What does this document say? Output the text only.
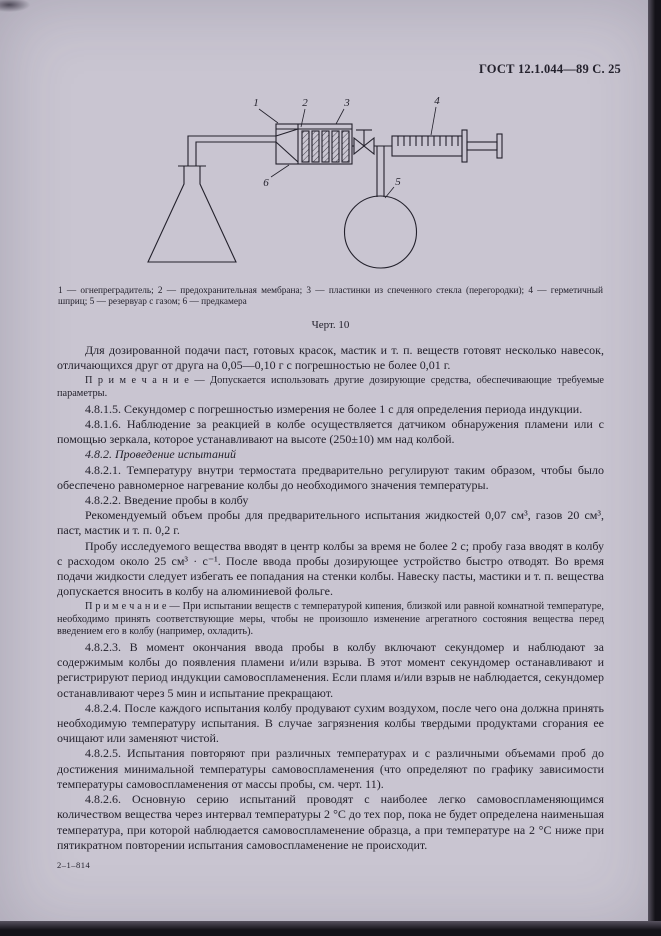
ГОСТ 12.1.044—89 С. 25
1	2	3	4
5
6

1 — огнепреградитель; 2 — предохранительная мембрана; 3 — пластинки из спеченного стекла (перегородки); 4 — герметичный шприц; 5 — резервуар с газом; 6 — предкамера

Черт. 10

Для дозированной подачи паст, готовых красок, мастик и т. п. веществ готовят несколько навесок, отличающихся друг от друга на 0,05—0,10 г с погрешностью не более 0,01 г.

П р и м е ч а н и е — Допускается использовать другие дозирующие средства, обеспечивающие требуемые параметры.

4.8.1.5. Секундомер с погрешностью измерения не более 1 с для определения периода индукции.

4.8.1.6. Наблюдение за реакцией в колбе осуществляется датчиком обнаружения пламени или с помощью зеркала, которое устанавливают на высоте (250±10) мм над колбой.

4.8.2. Проведение испытаний

4.8.2.1. Температуру внутри термостата предварительно регулируют таким образом, чтобы было обеспечено равномерное нагревание колбы до необходимого значения температуры.

4.8.2.2. Введение пробы в колбу

Рекомендуемый объем пробы для предварительного испытания жидкостей 0,07 см³, газов 20 см³, паст, мастик и т. п. 0,2 г.

Пробу исследуемого вещества вводят в центр колбы за время не более 2 с; пробу газа вводят в колбу с расходом около 25 см³ · с⁻¹. После ввода пробы дозирующее устройство быстро отводят. Во время подачи жидкости следует избегать ее попадания на стенки колбы. Навеску пасты, мастики и т. п. вещества допускается вносить в колбу на алюминиевой фольге.

П р и м е ч а н и е — При испытании веществ с температурой кипения, близкой или равной комнатной температуре, необходимо принять соответствующие меры, чтобы не произошло изменение агрегатного состояния вещества перед введением его в колбу (например, охладить).

4.8.2.3. В момент окончания ввода пробы в колбу включают секундомер и наблюдают за содержимым колбы до появления пламени и/или взрыва. В этот момент секундомер останавливают и регистрируют период индукции самовоспламенения. Если пламя и/или взрыв не наблюдается, секундомер останавливают через 5 мин и испытание прекращают.

4.8.2.4. После каждого испытания колбу продувают сухим воздухом, после чего она должна принять необходимую температуру испытания. В случае загрязнения колбы твердыми продуктами сгорания ее очищают или заменяют чистой.

4.8.2.5. Испытания повторяют при различных температурах и с различными объемами проб до достижения минимальной температуры самовоспламенения (что определяют по графику зависимости температуры самовоспламенения от массы пробы, см. черт. 11).

4.8.2.6. Основную серию испытаний проводят с наиболее легко самовоспламеняющимся количеством вещества через интервал температуры 2 °С до тех пор, пока не будет определена наименьшая температура, при которой наблюдается самовоспламенение образца, а при температуре на 2 °С ниже при пятикратном повторении испытания самовоспламенение не происходит.

2–1–814
